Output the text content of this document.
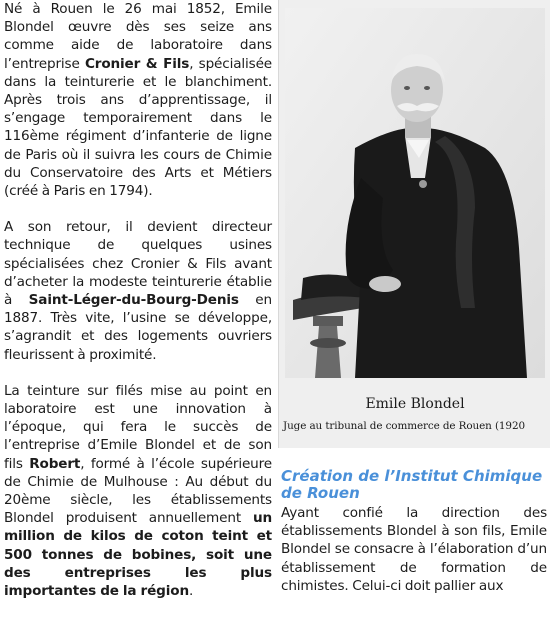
Né à Rouen le 26 mai 1852, Emile Blondel œuvre dès ses seize ans comme aide de laboratoire dans l’entreprise Cronier & Fils, spécialisée dans la teinturerie et le blanchiment. Après trois ans d’apprentissage, il s’engage temporairement dans le 116ème régiment d’infanterie de ligne de Paris où il suivra les cours de Chimie du Conservatoire des Arts et Métiers (créé à Paris en 1794).

A son retour, il devient directeur technique de quelques usines spécialisées chez Cronier & Fils avant d’acheter la modeste teinturerie établie à Saint-Léger-du-Bourg-Denis en 1887. Très vite, l’usine se développe, s’agrandit et des logements ouvriers fleurissent à proximité.

La teinture sur filés mise au point en laboratoire est une innovation à l’époque, qui fera le succès de l’entreprise d’Emile Blondel et de son fils Robert, formé à l’école supérieure de Chimie de Mulhouse : Au début du 20ème siècle, les établissements Blondel produisent annuellement un million de kilos de coton teint et 500 tonnes de bobines, soit une des entreprises les plus importantes de la région.

Emile Blondel
Juge au tribunal de commerce de Rouen (1920
Création de l’Institut Chimique de Rouen

Ayant confié la direction des établissements Blondel à son fils, Emile Blondel se consacre à l’élaboration d’un établissement de formation de chimistes. Celui-ci doit pallier aux
